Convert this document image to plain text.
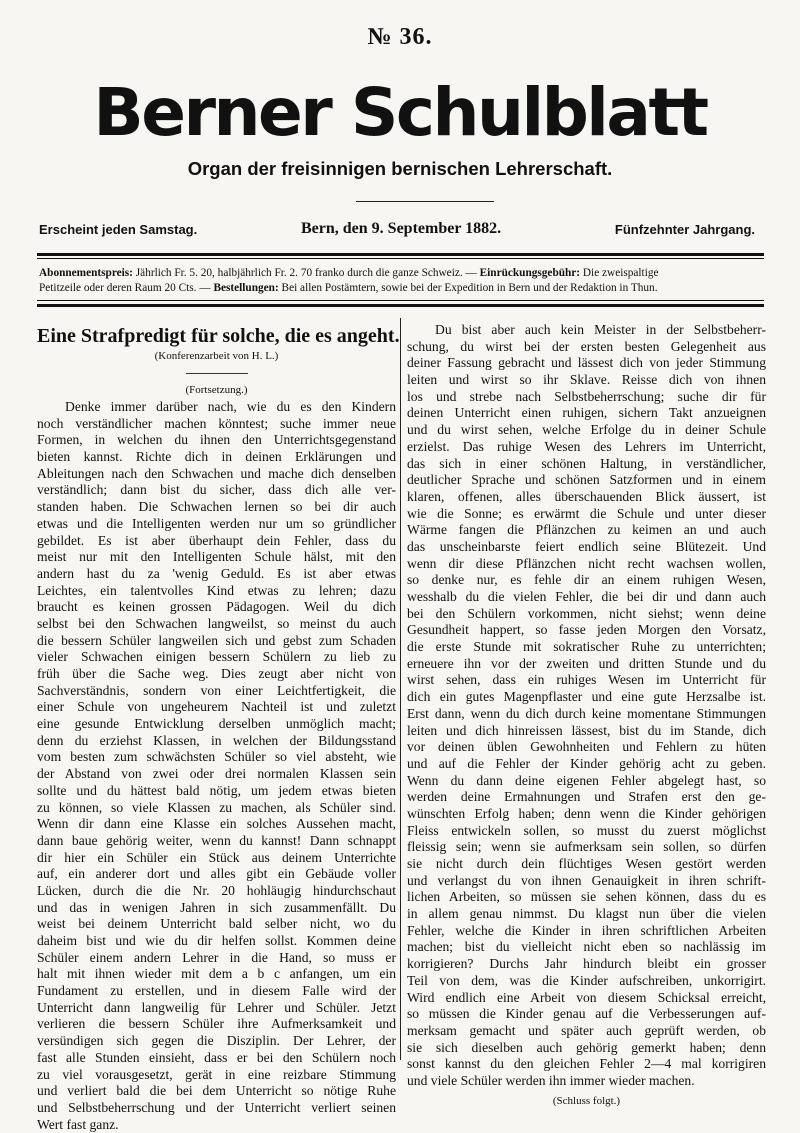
№ 36.
Berner Schulblatt
Organ der freisinnigen bernischen Lehrerschaft.
Erscheint jeden Samstag.	Bern, den 9. September 1882.	Fünfzehnter Jahrgang.
Abonnementspreis: Jährlich Fr. 5. 20, halbjährlich Fr. 2. 70 franko durch die ganze Schweiz. — Einrückungsgebühr: Die zweispaltige
Petitzeile oder deren Raum 20 Cts. — Bestellungen: Bei allen Postämtern, sowie bei der Expedition in Bern und der Redaktion in Thun.
Eine Strafpredigt für solche, die es angeht.
(Konferenzarbeit von H. L.)
(Fortsetzung.)
Denke immer darüber nach, wie du es den Kindern
noch verständlicher machen könntest; suche immer neue
Formen, in welchen du ihnen den Unterrichtsgegenstand
bieten kannst. Richte dich in deinen Erklärungen und
Ableitungen nach den Schwachen und mache dich denselben
verständlich; dann bist du sicher, dass dich alle ver-
standen haben. Die Schwachen lernen so bei dir auch
etwas und die Intelligenten werden nur um so gründlicher
gebildet. Es ist aber überhaupt dein Fehler, dass du
meist nur mit den Intelligenten Schule hälst, mit den
andern hast du za 'wenig Geduld. Es ist aber etwas
Leichtes, ein talentvolles Kind etwas zu lehren; dazu
braucht es keinen grossen Pädagogen. Weil du dich
selbst bei den Schwachen langweilst, so meinst du auch
die bessern Schüler langweilen sich und gebst zum Schaden
vieler Schwachen einigen bessern Schülern zu lieb zu
früh über die Sache weg. Dies zeugt aber nicht von
Sachverständnis, sondern von einer Leichtfertigkeit, die
einer Schule von ungeheurem Nachteil ist und zuletzt
eine gesunde Entwicklung derselben unmöglich macht;
denn du erziehst Klassen, in welchen der Bildungsstand
vom besten zum schwächsten Schüler so viel absteht, wie
der Abstand von zwei oder drei normalen Klassen sein
sollte und du hättest bald nötig, um jedem etwas bieten
zu können, so viele Klassen zu machen, als Schüler sind.
Wenn dir dann eine Klasse ein solches Aussehen macht,
dann baue gehörig weiter, wenn du kannst! Dann schnappt
dir hier ein Schüler ein Stück aus deinem Unterrichte
auf, ein anderer dort und alles gibt ein Gebäude voller
Lücken, durch die die Nr. 20 hohläugig hindurchschaut
und das in wenigen Jahren in sich zusammenfällt. Du
weist bei deinem Unterricht bald selber nicht, wo du
daheim bist und wie du dir helfen sollst. Kommen deine
Schüler einem andern Lehrer in die Hand, so muss er
halt mit ihnen wieder mit dem a b c anfangen, um ein
Fundament zu erstellen, und in diesem Falle wird der
Unterricht dann langweilig für Lehrer und Schüler. Jetzt
verlieren die bessern Schüler ihre Aufmerksamkeit und
versündigen sich gegen die Disziplin. Der Lehrer, der
fast alle Stunden einsieht, dass er bei den Schülern noch
zu viel vorausgesetzt, gerät in eine reizbare Stimmung
und verliert bald die bei dem Unterricht so nötige Ruhe
und Selbstbeherrschung und der Unterricht verliert seinen
Wert fast ganz.
Du bist aber auch kein Meister in der Selbstbeherr-
schung, du wirst bei der ersten besten Gelegenheit aus
deiner Fassung gebracht und lässest dich von jeder Stimmung
leiten und wirst so ihr Sklave. Reisse dich von ihnen
los und strebe nach Selbstbeherrschung; suche dir für
deinen Unterricht einen ruhigen, sichern Takt anzueignen
und du wirst sehen, welche Erfolge du in deiner Schule
erzielst. Das ruhige Wesen des Lehrers im Unterricht,
das sich in einer schönen Haltung, in verständlicher,
deutlicher Sprache und schönen Satzformen und in einem
klaren, offenen, alles überschauenden Blick äussert, ist
wie die Sonne; es erwärmt die Schule und unter dieser
Wärme fangen die Pflänzchen zu keimen an und auch
das unscheinbarste feiert endlich seine Blütezeit. Und
wenn dir diese Pflänzchen nicht recht wachsen wollen,
so denke nur, es fehle dir an einem ruhigen Wesen,
wesshalb du die vielen Fehler, die bei dir und dann auch
bei den Schülern vorkommen, nicht siehst; wenn deine
Gesundheit happert, so fasse jeden Morgen den Vorsatz,
die erste Stunde mit sokratischer Ruhe zu unterrichten;
erneuere ihn vor der zweiten und dritten Stunde und du
wirst sehen, dass ein ruhiges Wesen im Unterricht für
dich ein gutes Magenpflaster und eine gute Herzsalbe ist.
Erst dann, wenn du dich durch keine momentane Stimmungen
leiten und dich hinreissen lässest, bist du im Stande, dich
vor deinen üblen Gewohnheiten und Fehlern zu hüten
und auf die Fehler der Kinder gehörig acht zu geben.
Wenn du dann deine eigenen Fehler abgelegt hast, so
werden deine Ermahnungen und Strafen erst den ge-
wünschten Erfolg haben; denn wenn die Kinder gehörigen
Fleiss entwickeln sollen, so musst du zuerst möglichst
fleissig sein; wenn sie aufmerksam sein sollen, so dürfen
sie nicht durch dein flüchtiges Wesen gestört werden
und verlangst du von ihnen Genauigkeit in ihren schrift-
lichen Arbeiten, so müssen sie sehen können, dass du es
in allem genau nimmst. Du klagst nun über die vielen
Fehler, welche die Kinder in ihren schriftlichen Arbeiten
machen; bist du vielleicht nicht eben so nachlässig im
korrigieren? Durchs Jahr hindurch bleibt ein grosser
Teil von dem, was die Kinder aufschreiben, unkorrigirt.
Wird endlich eine Arbeit von diesem Schicksal erreicht,
so müssen die Kinder genau auf die Verbesserungen auf-
merksam gemacht und später auch geprüft werden, ob
sie sich dieselben auch gehörig gemerkt haben; denn
sonst kannst du den gleichen Fehler 2—4 mal korrigiren
und viele Schüler werden ihn immer wieder machen.
(Schluss folgt.)
